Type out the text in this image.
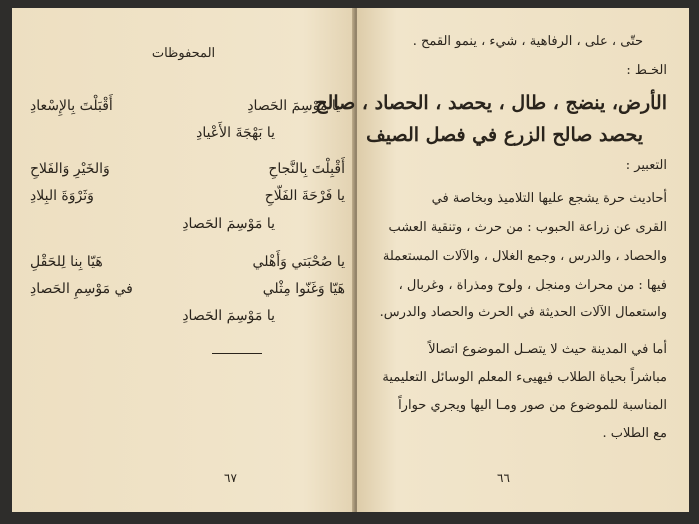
المحفوظات
يا مَوْسِمَ الحَصادِ
أَقْبَلْتَ بِالإِسْعادِ
يا بَهْجَةَ الأَعْيادِ
أَقْبِلْتَ بِالنَّجاحِ
وَالخَيْرِ وَالفَلاحِ
يا فَرْحَةَ الفَلّاحِ
وَثَرْوَةَ البِلادِ
يا مَوْسِمَ الحَصادِ
يا صُحْبَتي وَأَهْلي
هَيّا بِنا لِلحَقْلِ
هَيّا وَغَنّوا مِثْلي
في مَوْسِمِ الحَصادِ
يا مَوْسِمَ الحَصادِ
٦٧
حتّى ، على ، الرفاهية ، شيء ، ينمو القمح .
الخـط :
الأرض، ينضج ، طال ، يحصد ، الحصاد ، صالح
يحصد صالح الزرع في فصل الصيف
التعبير :
أحاديث حرة يشجع عليها التلاميذ وبخاصة في
القرى عن زراعة الحبوب : من حرث ، وتنقية العشب
والحصاد ، والدرس ، وجمع الغلال ، والآلات المستعملة
فيها : من محراث ومنجل ، ولوح ومذراة ، وغربال ،
واستعمال الآلات الحديثة في الحرث والحصاد والدرس.
أما في المدينة حيث لا يتصـل الموضوع اتصالاً
مباشراً بحياة الطلاب فيهيىء المعلم الوسائل التعليمية
المناسبة للموضوع من صور ومـا اليها ويجري حواراً
مع الطلاب .
٦٦
